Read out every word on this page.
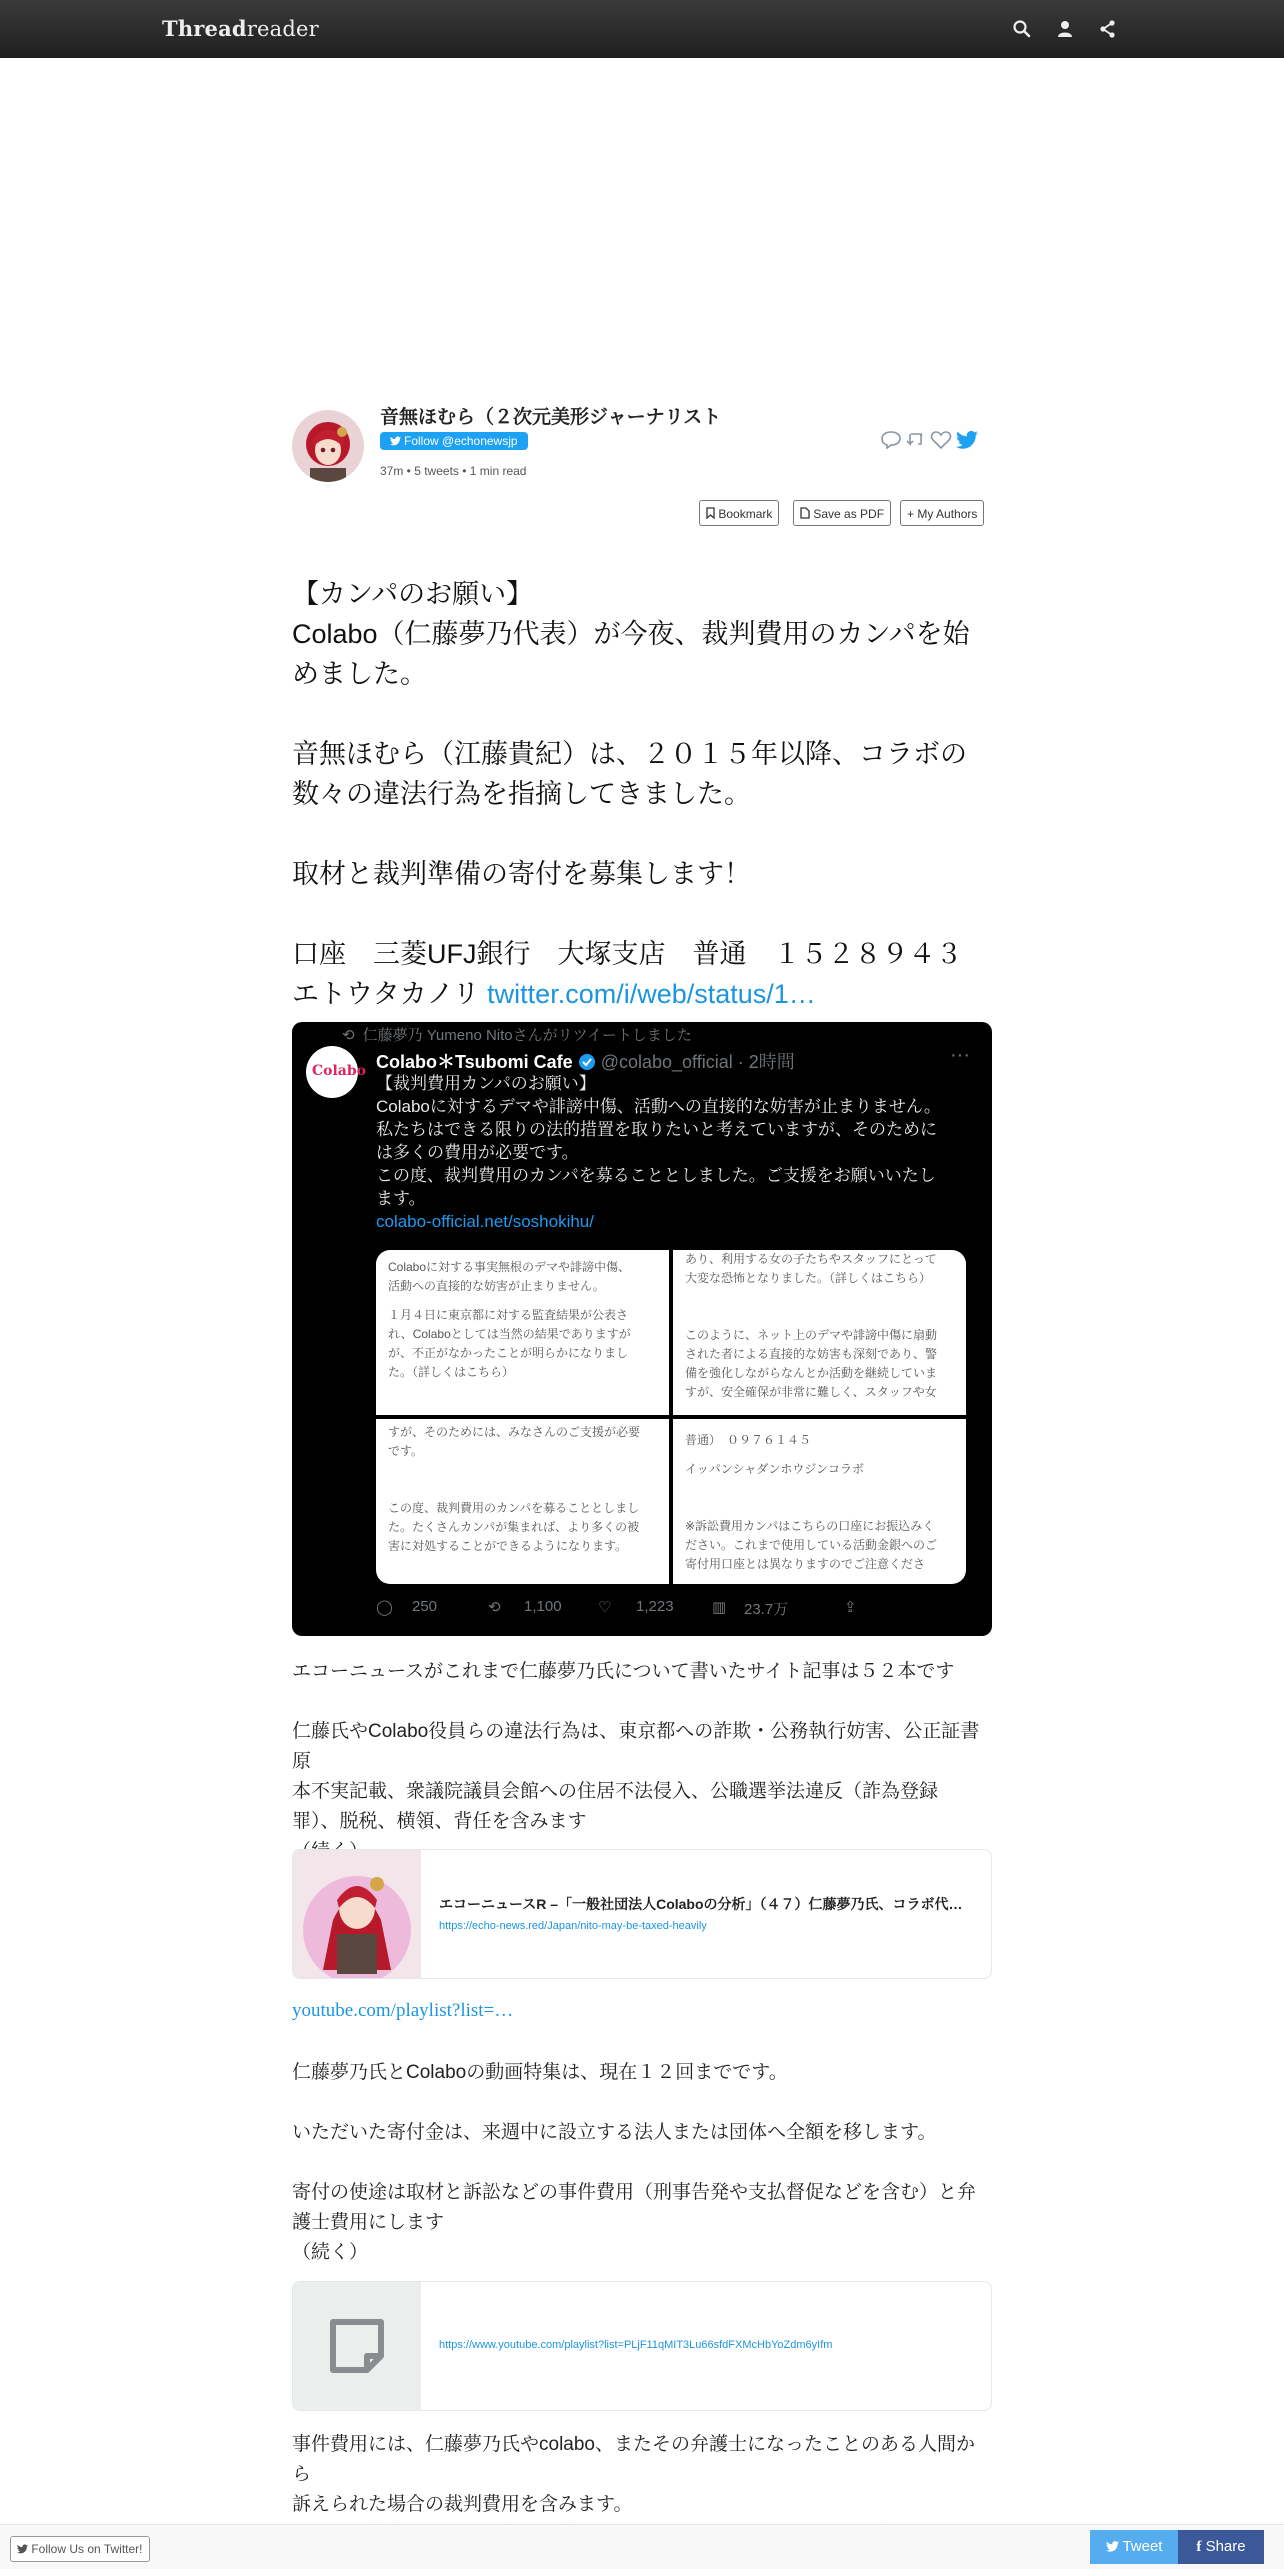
Threadreader
音無ほむら（２次元美形ジャーナリスト
Follow @echonewsjp
37m • 5 tweets • 1 min read
Bookmark	Save as PDF	+ My Authors
【カンパのお願い】
Colabo（仁藤夢乃代表）が今夜、裁判費用のカンパを始めました。
音無ほむら（江藤貴紀）は、２０１５年以降、コラボの数々の違法行為を指摘してきました。
取材と裁判準備の寄付を募集します！
口座　三菱UFJ銀行　大塚支店　普通　１５２８９４３
エトウタカノリ twitter.com/i/web/status/1…
⟲ 仁藤夢乃 Yumeno Nitoさんがリツイートしました
Colabo Colabo＊Tsubomi Cafe @colabo_official · 2時間	···
【裁判費用カンパのお願い】
Colaboに対するデマや誹謗中傷、活動への直接的な妨害が止まりません。
私たちはできる限りの法的措置を取りたいと考えていますが、そのために
は多くの費用が必要です。
この度、裁判費用のカンパを募ることとしました。ご支援をお願いいたし
ます。
colabo-official.net/soshokihu/
Colaboに対する事実無根のデマや誹謗中傷、
活動への直接的な妨害が止まりません。
１月４日に東京都に対する監査結果が公表さ
れ、Colaboとしては当然の結果でありますが
が、不正がなかったことが明らかになりまし
た。（詳しくはこちら）
あり、利用する女の子たちやスタッフにとって
大変な恐怖となりました。（詳しくはこちら）
このように、ネット上のデマや誹謗中傷に扇動
された者による直接的な妨害も深刻であり、警
備を強化しながらなんとか活動を継続していま
すが、安全確保が非常に難しく、スタッフや女
すが、そのためには、みなさんのご支援が必要
です。
この度、裁判費用のカンパを募ることとしまし
た。たくさんカンパが集まれば、より多くの被
害に対処することができるようになります。
普通）　０９７６１４５
イッパンシャダンホウジンコラボ
※訴訟費用カンパはこちらの口座にお振込みく
ださい。これまで使用している活動金銀へのご
寄付用口座とは異なりますのでご注意くださ
◯ 250	⟲ 1,100 ♡ 1,223	▥ 23.7万	⇪
エコーニュースがこれまで仁藤夢乃氏について書いたサイト記事は５２本です
仁藤氏やColabo役員らの違法行為は、東京都への詐欺・公務執行妨害、公正証書原
本不実記載、衆議院議員会館への住居不法侵入、公職選挙法違反（詐為登録
罪）、脱税、横領、背任を含みます
エコーニュースR –「一般社団法人Colaboの分析」（４７）仁藤夢乃氏、コラボ代…
https://echo-news.red/Japan/nito-may-be-taxed-heavily
youtube.com/playlist?list=…
仁藤夢乃氏とColaboの動画特集は、現在１２回までです。
いただいた寄付金は、来週中に設立する法人または団体へ全額を移します。
寄付の使途は取材と訴訟などの事件費用（刑事告発や支払督促などを含む）と弁
護士費用にします
（続く）
https://www.youtube.com/playlist?list=PLjF11qMIT3Lu66sfdFXMcHbYoZdm6yIfm
事件費用には、仁藤夢乃氏やcolabo、またその弁護士になったことのある人間から
訴えられた場合の裁判費用を含みます。
Follow Us on Twitter!	Tweet	f Share
